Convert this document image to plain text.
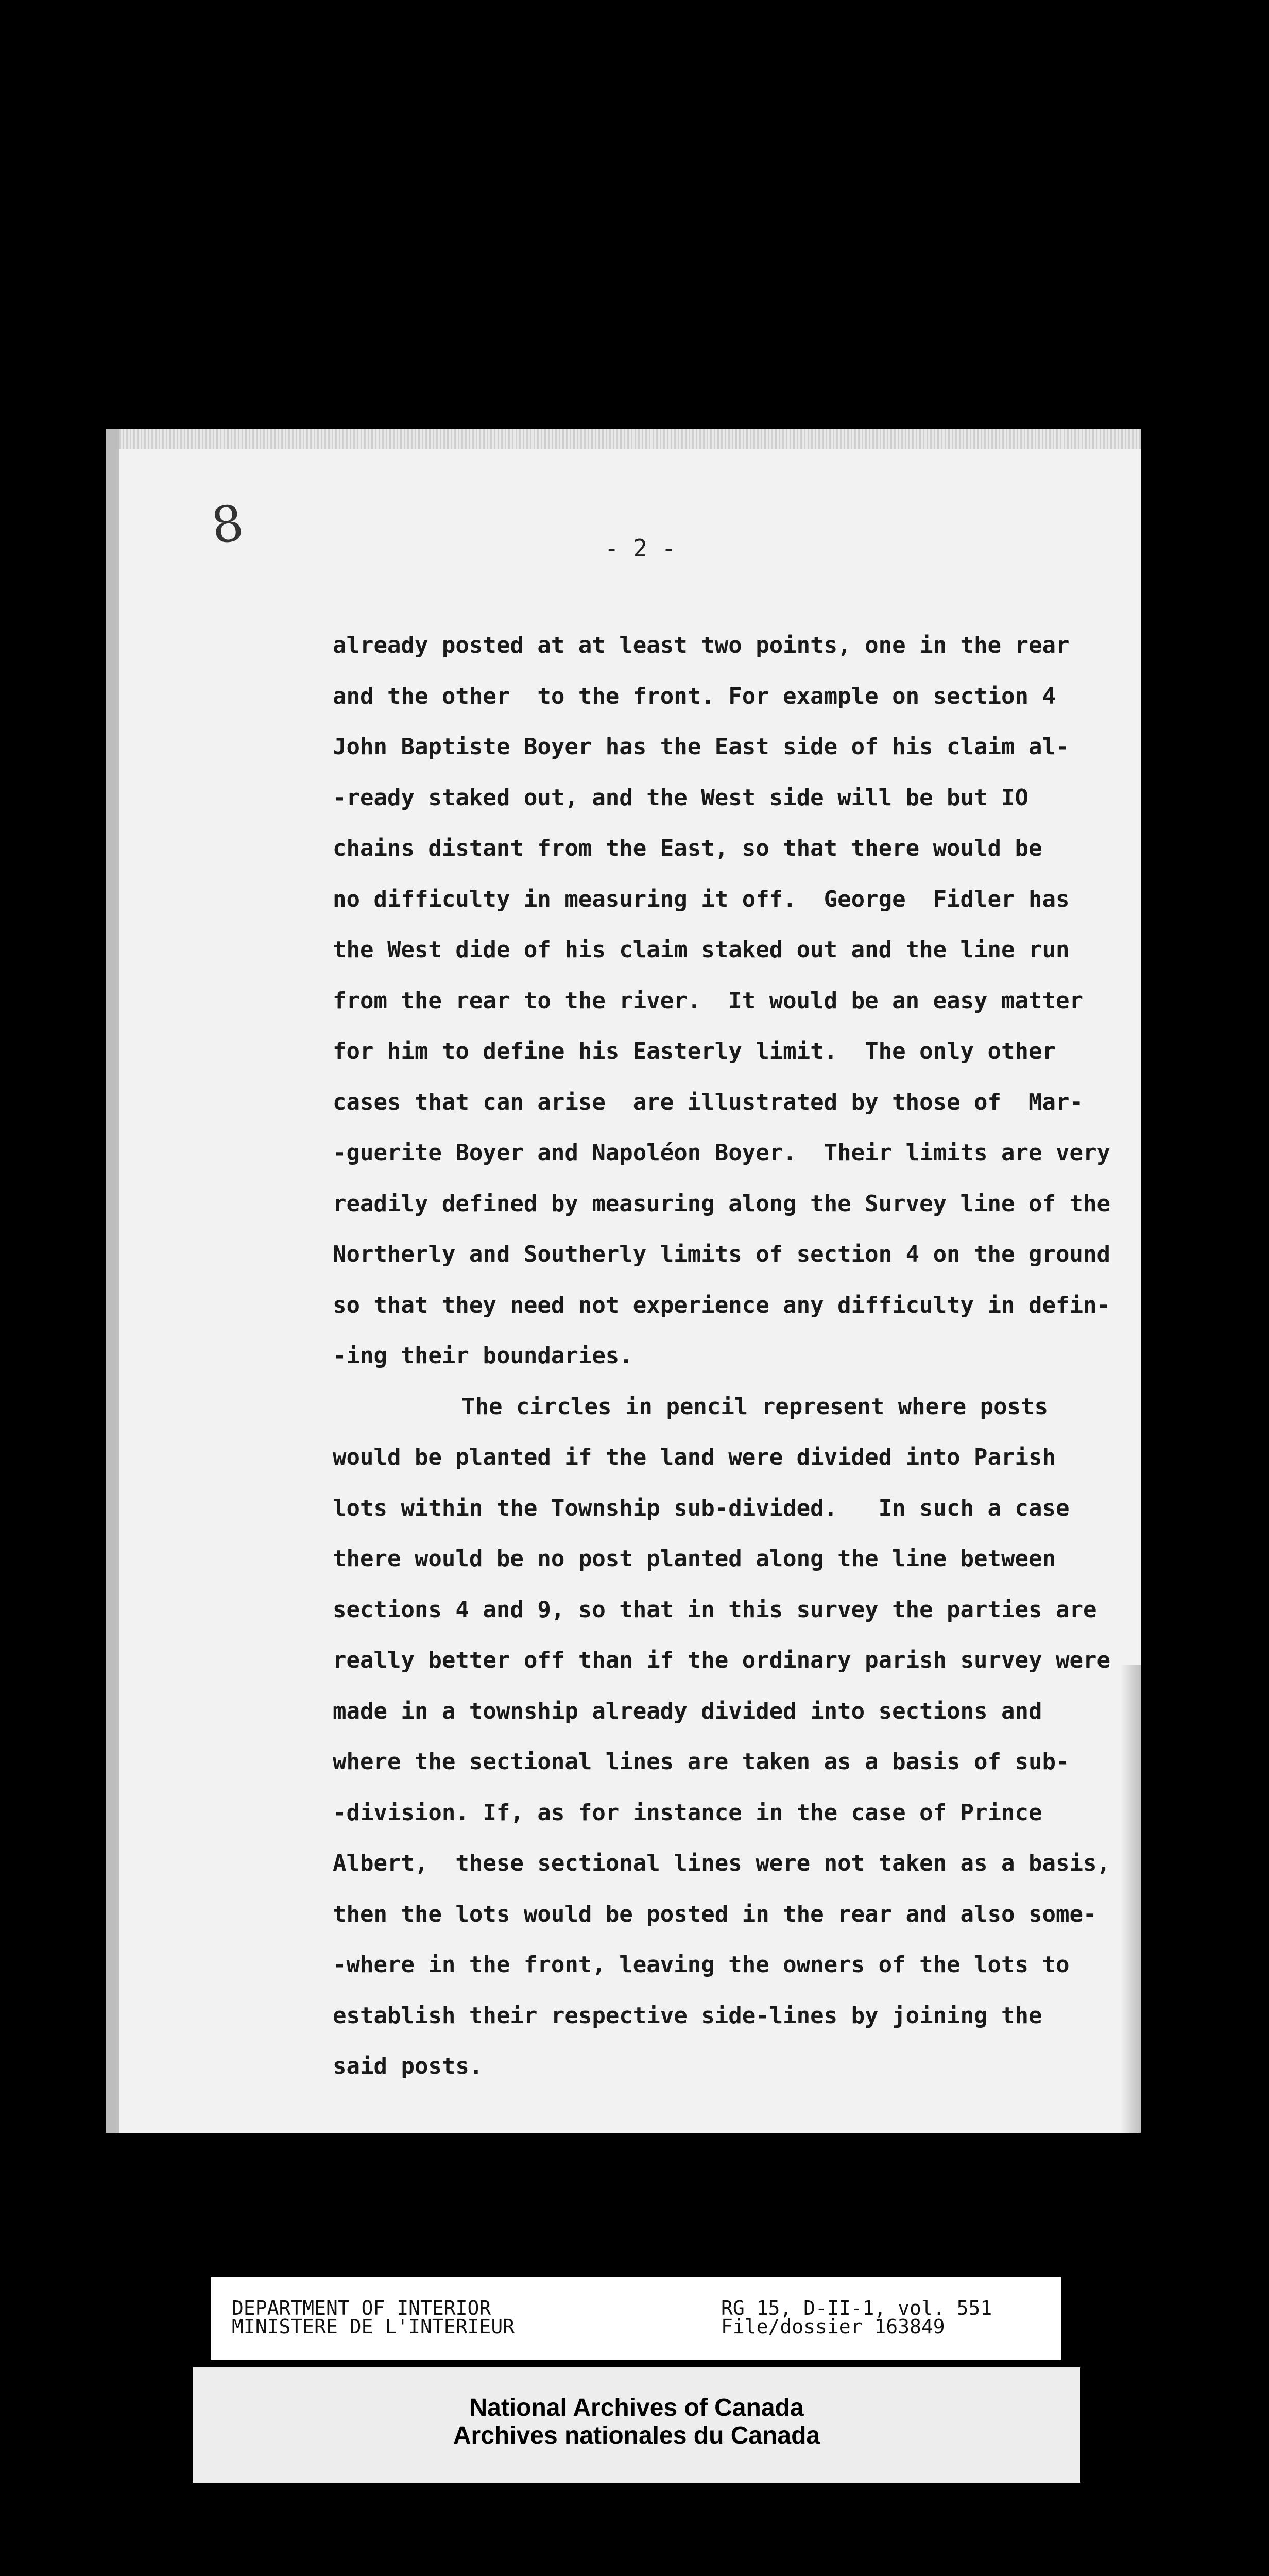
8	- 2 -
already posted at at least two points, one in the rear
and the other  to the front. For example on section 4
John Baptiste Boyer has the East side of his claim al-
-ready staked out, and the West side will be but IO
chains distant from the East, so that there would be
no difficulty in measuring it off.  George  Fidler has
the West dide of his claim staked out and the line run
from the rear to the river.  It would be an easy matter
for him to define his Easterly limit.  The only other
cases that can arise  are illustrated by those of  Mar-
-guerite Boyer and Napoléon Boyer.  Their limits are very
readily defined by measuring along the Survey line of the
Northerly and Southerly limits of section 4 on the ground
so that they need not experience any difficulty in defin-
-ing their boundaries.
The circles in pencil represent where posts
would be planted if the land were divided into Parish
lots within the Township sub-divided.   In such a case
there would be no post planted along the line between
sections 4 and 9, so that in this survey the parties are
really better off than if the ordinary parish survey were
made in a township already divided into sections and
where the sectional lines are taken as a basis of sub-
-division. If, as for instance in the case of Prince
Albert,  these sectional lines were not taken as a basis,
then the lots would be posted in the rear and also some-
-where in the front, leaving the owners of the lots to
establish their respective side-lines by joining the
said posts.
DEPARTMENT OF INTERIOR
MINISTERE DE L'INTERIEUR
RG 15, D-II-1, vol. 551
File/dossier 163849
National Archives of Canada
Archives nationales du Canada
